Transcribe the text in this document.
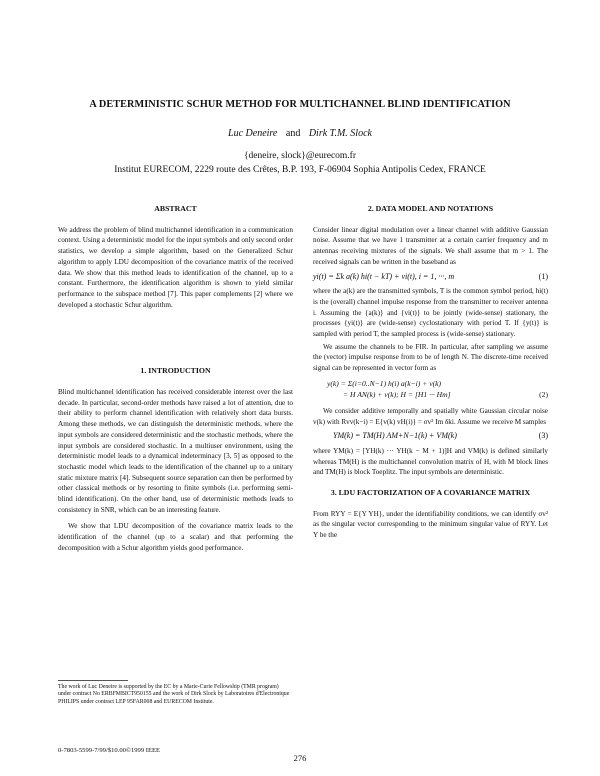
A DETERMINISTIC SCHUR METHOD FOR MULTICHANNEL BLIND IDENTIFICATION
Luc Deneire and Dirk T.M. Slock
{deneire, slock}@eurecom.fr
Institut EURECOM, 2229 route des Crêtes, B.P. 193, F-06904 Sophia Antipolis Cedex, FRANCE
ABSTRACT

We address the problem of blind multichannel identification in a communication context. Using a deterministic model for the input symbols and only second order statistics, we develop a simple algorithm, based on the Generalized Schur algorithm to apply LDU decomposition of the covariance matrix of the received data. We show that this method leads to identification of the channel, up to a constant. Furthermore, the identification algorithm is shown to yield similar performance to the subspace method [7]. This paper complements [2] where we developed a stochastic Schur algorithm.

1. INTRODUCTION

Blind multichannel identification has received considerable interest over the last decade. In particular, second-order methods have raised a lot of attention, due to their ability to perform channel identification with relatively short data bursts. Among these methods, we can distinguish the deterministic methods, where the input symbols are considered deterministic and the stochastic methods, where the input symbols are considered stochastic. In a multiuser environment, using the deterministic model leads to a dynamical indeterminacy [3, 5] as opposed to the stochastic model which leads to the identification of the channel up to a unitary static mixture matrix [4]. Subsequent source separation can then be performed by other classical methods or by resorting to finite symbols (i.e. performing semi-blind identification). On the other hand, use of deterministic methods leads to consistency in SNR, which can be an interesting feature.

We show that LDU decomposition of the covariance matrix leads to the identification of the channel (up to a scalar) and that performing the decomposition with a Schur algorithm yields good performance.

The work of Luc Deneire is supported by the EC by a Marie-Curie Fellowship (TMR program) under contract No ERBFMBICT950155 and the work of Dirk Slock by Laboratoires d'Electronique PHILIPS under contract LEP 95FAR008 and EURECOM Institute.
0-7803-5599-7/99/$10.00©1999 IEEE
2. DATA MODEL AND NOTATIONS

Consider linear digital modulation over a linear channel with additive Gaussian noise. Assume that we have 1 transmitter at a certain carrier frequency and m antennas receiving mixtures of the signals. We shall assume that m > 1. The received signals can be written in the baseband as

yi(t) = Σk a(k) hi(t − kT) + vi(t), i = 1, ···, m	(1)

where the a(k) are the transmitted symbols, T is the common symbol period, hi(t) is the (overall) channel impulse response from the transmitter to receiver antenna i. Assuming the {a(k)} and {vi(t)} to be jointly (wide-sense) stationary, the processes {yi(t)} are (wide-sense) cyclostationary with period T. If {y(t)} is sampled with period T, the sampled process is (wide-sense) stationary.

We assume the channels to be FIR. In particular, after sampling we assume the (vector) impulse response from to be of length N. The discrete-time received signal can be represented in vector form as

y(k) = Σ(i=0..N−1) h(i) a(k−i) + v(k)
= H AN(k) + v(k); H = [H1 ··· Hm]	(2)

We consider additive temporally and spatially white Gaussian circular noise v(k) with Rvv(k−i) = E{v(k) vH(i)} = σv² Im δki. Assume we receive M samples

YM(k) = TM(H) AM+N−1(k) + VM(k)	(3)

where YM(k) = [YH(k) ··· YH(k − M + 1)]H and VM(k) is defined similarly whereas TM(H) is the multichannel convolution matrix of H, with M block lines and TM(H) is block Toeplitz. The input symbols are deterministic.

3. LDU FACTORIZATION OF A COVARIANCE MATRIX

From RYY = E{Y YH}, under the identifiability conditions, we can identify σv² as the singular vector corresponding to the minimum singular value of RYY. Let Y be the

276
